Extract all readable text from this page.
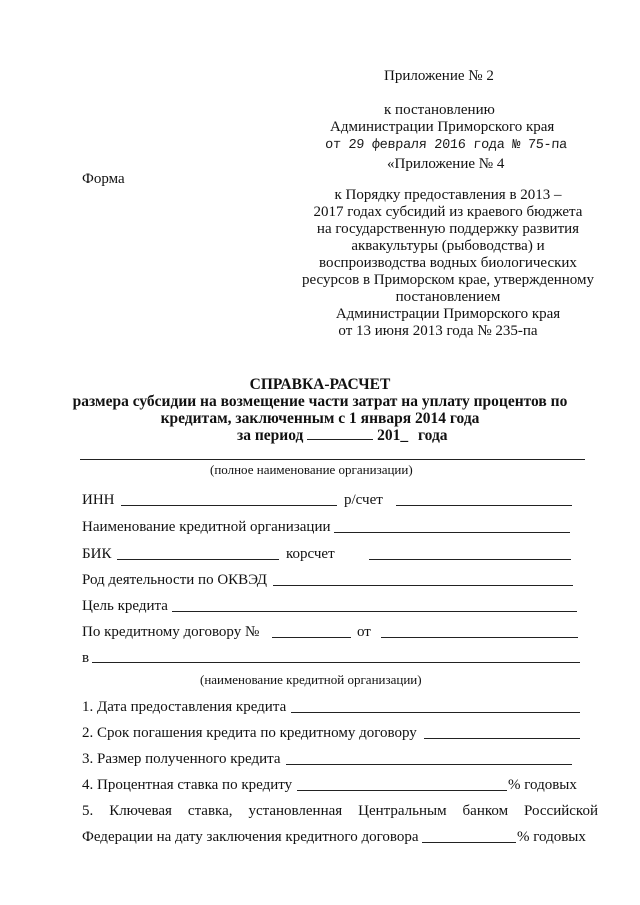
Приложение № 2
к постановлению
Администрации Приморского края
от 29 февраля 2016 года № 75-па
«Приложение № 4
Форма
к Порядку предоставления в 2013 –
2017 годах субсидий из краевого бюджета
на государственную поддержку развития
аквакультуры (рыбоводства) и
воспроизводства водных биологических
ресурсов в Приморском крае, утвержденному
постановлением
Администрации Приморского края
от 13 июня 2013 года № 235-па
СПРАВКА-РАСЧЕТ
размера субсидии на возмещение части затрат на уплату процентов по
кредитам, заключенным с 1 января 2014 года
за период	201_ года
(полное наименование организации)
ИНН	р/счет
Наименование кредитной организации
БИК	корсчет
Род деятельности по ОКВЭД
Цель кредита
По кредитному договору №	от
в
(наименование кредитной организации)
1. Дата предоставления кредита
2. Срок погашения кредита по кредитному договору
3. Размер полученного кредита
4. Процентная ставка по кредиту	% годовых
5. Ключевая ставка, установленная Центральным банком Российской
Федерации на дату заключения кредитного договора	% годовых
